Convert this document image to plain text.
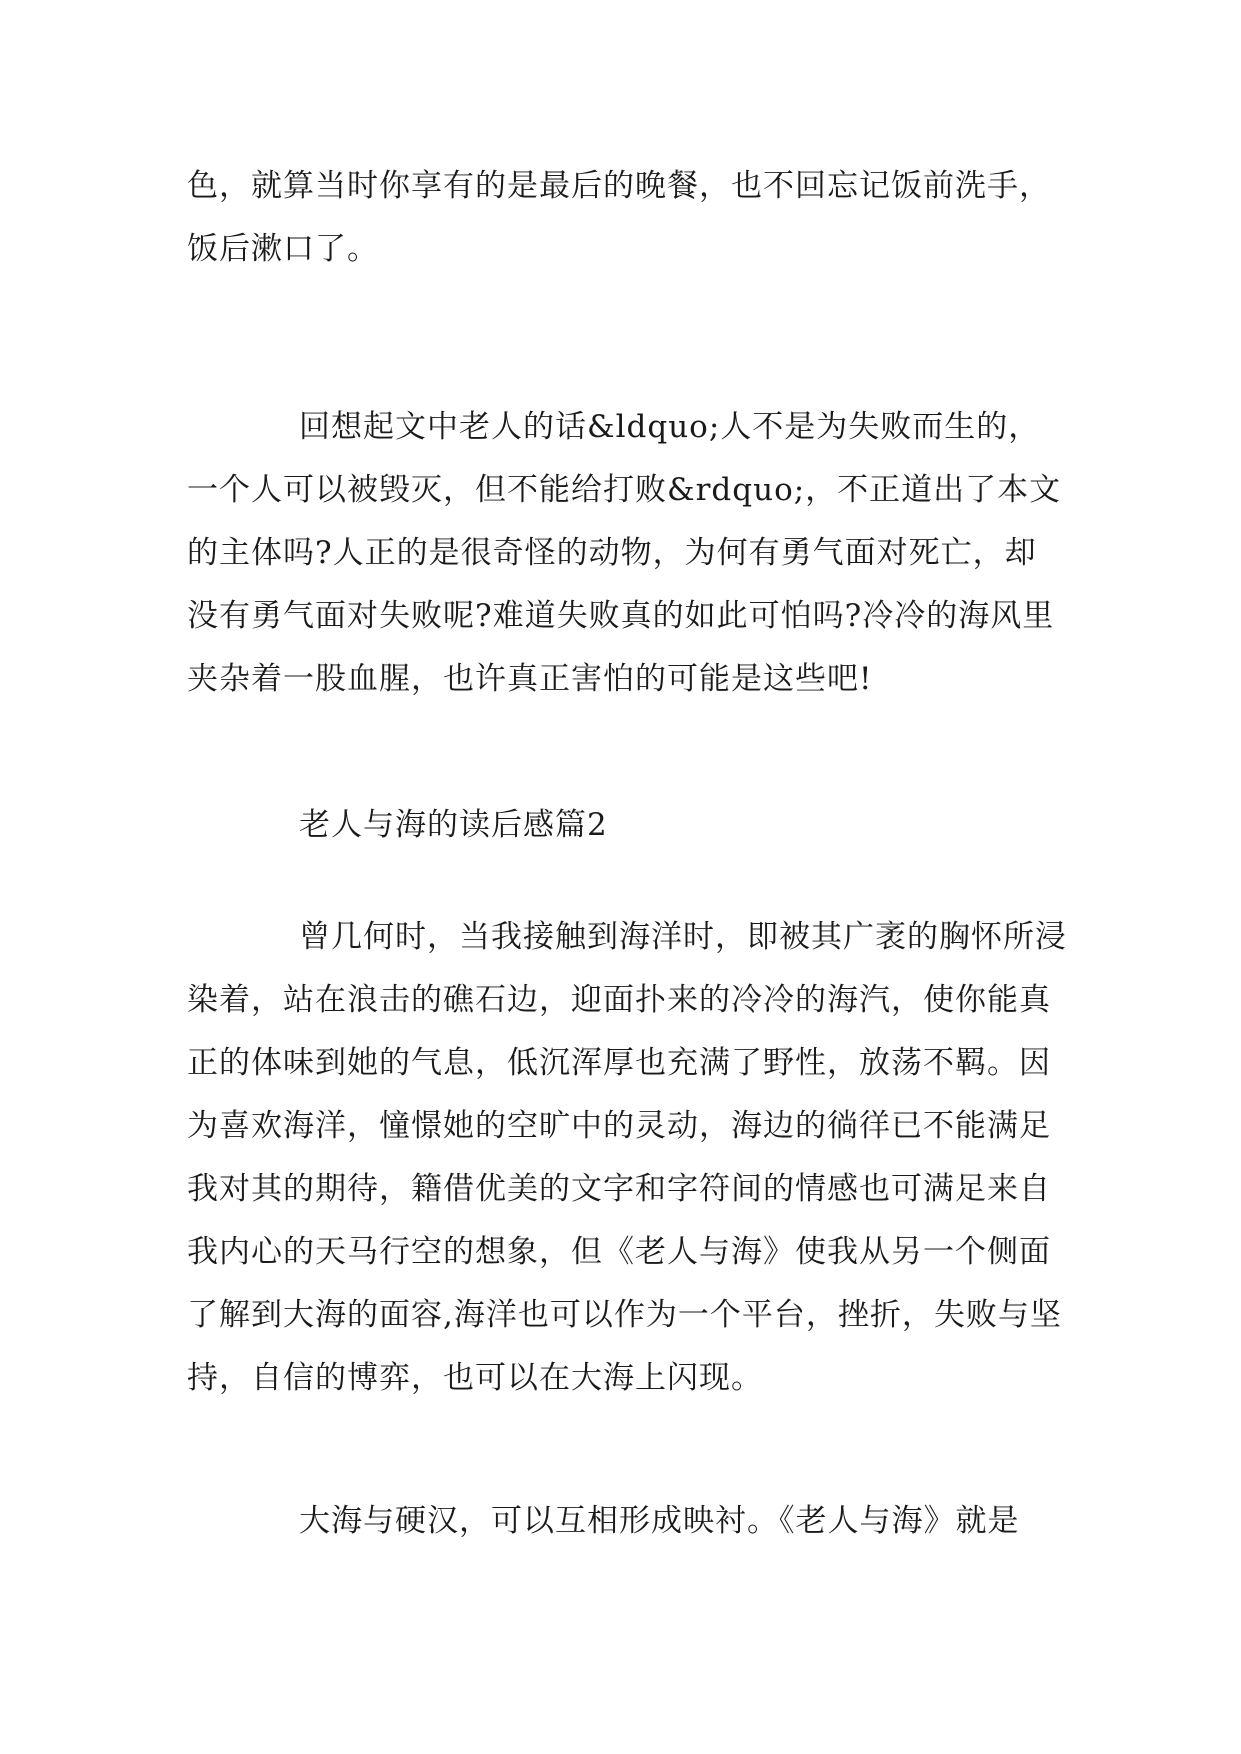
色，就算当时你享有的是最后的晚餐，也不回忘记饭前洗手，饭后漱口了。

回想起文中老人的话&ldquo;人不是为失败而生的，一个人可以被毁灭，但不能给打败&rdquo;，不正道出了本文的主体吗?人正的是很奇怪的动物，为何有勇气面对死亡，却没有勇气面对失败呢?难道失败真的如此可怕吗?冷冷的海风里夹杂着一股血腥，也许真正害怕的可能是这些吧!

老人与海的读后感篇2

曾几何时，当我接触到海洋时，即被其广袤的胸怀所浸染着，站在浪击的礁石边，迎面扑来的冷冷的海汽，使你能真正的体味到她的气息，低沉浑厚也充满了野性，放荡不羁。因为喜欢海洋，憧憬她的空旷中的灵动，海边的徜徉已不能满足我对其的期待，籍借优美的文字和字符间的情感也可满足来自我内心的天马行空的想象，但《老人与海》使我从另一个侧面了解到大海的面容,海洋也可以作为一个平台，挫折，失败与坚持，自信的博弈，也可以在大海上闪现。

大海与硬汉，可以互相形成映衬。《老人与海》就是
